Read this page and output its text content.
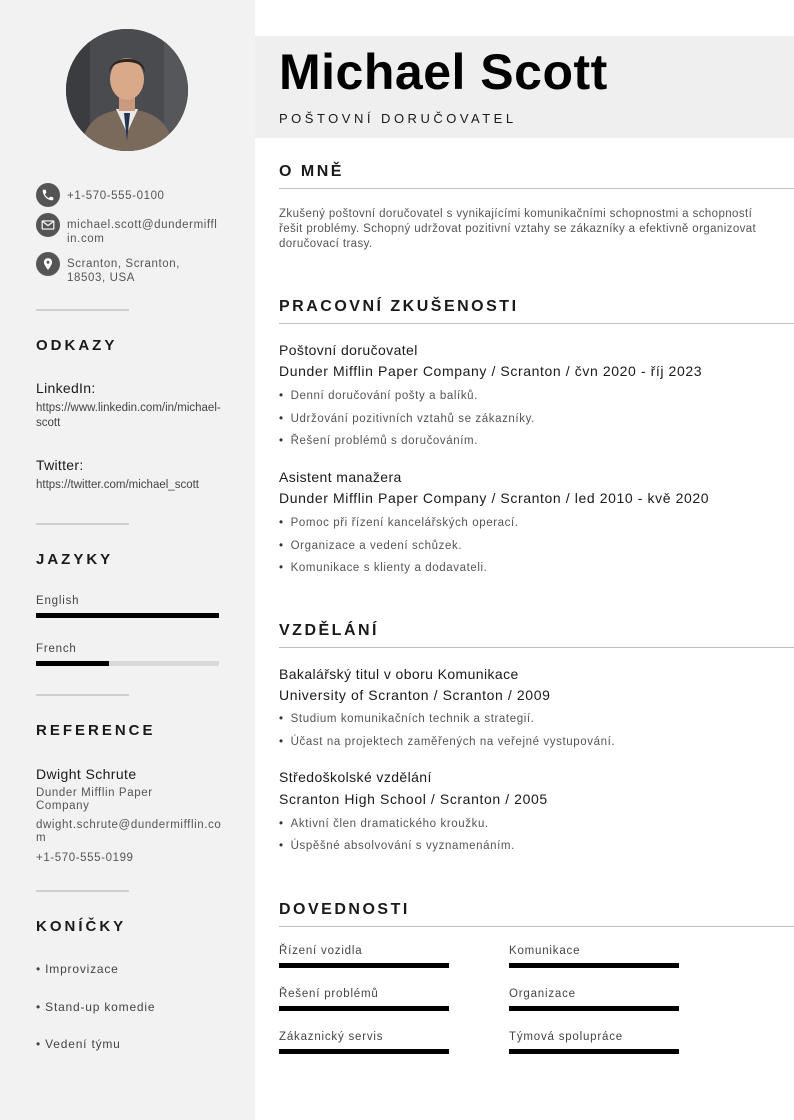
+1-570-555-0100
michael.scott@dundermifflin.com
Scranton, Scranton, 18503, USA
ODKAZY
LinkedIn:
https://www.linkedin.com/in/michael-scott
Twitter:
https://twitter.com/michael_scott
JAZYKY
English
French
REFERENCE
Dwight Schrute
Dunder Mifflin Paper Company
dwight.schrute@dundermifflin.com
+1-570-555-0199
KONÍČKY
• Improvizace
• Stand-up komedie
• Vedení týmu
Michael Scott
POŠTOVNÍ DORUČOVATEL
O MNĚ
Zkušený poštovní doručovatel s vynikajícími komunikačními schopnostmi a schopností řešit problémy. Schopný udržovat pozitivní vztahy se zákazníky a efektivně organizovat doručovací trasy.
PRACOVNÍ ZKUŠENOSTI
Poštovní doručovatel
Dunder Mifflin Paper Company / Scranton / čvn 2020 - říj 2023
• Denní doručování pošty a balíků.
• Udržování pozitivních vztahů se zákazníky.
• Řešení problémů s doručováním.
Asistent manažera
Dunder Mifflin Paper Company / Scranton / led 2010 - kvě 2020
• Pomoc při řízení kancelářských operací.
• Organizace a vedení schůzek.
• Komunikace s klienty a dodavateli.
VZDĚLÁNÍ
Bakalářský titul v oboru Komunikace
University of Scranton / Scranton / 2009
• Studium komunikačních technik a strategií.
• Účast na projektech zaměřených na veřejné vystupování.
Středoškolské vzdělání
Scranton High School / Scranton / 2005
• Aktivní člen dramatického kroužku.
• Úspěšné absolvování s vyznamenáním.
DOVEDNOSTI
Řízení vozidla	Komunikace
Řešení problémů	Organizace
Zákaznický servis	Týmová spolupráce
